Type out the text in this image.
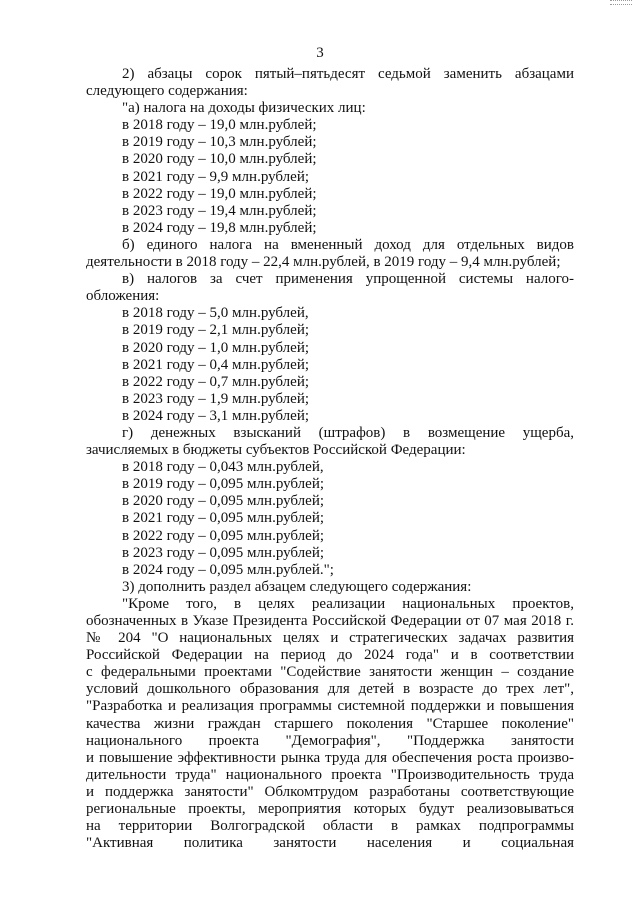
3
2) абзацы сорок пятый–пятьдесят седьмой заменить абзацами
следующего содержания:
"а) налога на доходы физических лиц:
в 2018 году – 19,0 млн.рублей;
в 2019 году – 10,3 млн.рублей;
в 2020 году – 10,0 млн.рублей;
в 2021 году – 9,9 млн.рублей;
в 2022 году – 19,0 млн.рублей;
в 2023 году – 19,4 млн.рублей;
в 2024 году – 19,8 млн.рублей;
б) единого налога на вмененный доход для отдельных видов
деятельности в 2018 году – 22,4 млн.рублей, в 2019 году – 9,4 млн.рублей;
в) налогов за счет применения упрощенной системы налого-
обложения:
в 2018 году – 5,0 млн.рублей,
в 2019 году – 2,1 млн.рублей;
в 2020 году – 1,0 млн.рублей;
в 2021 году – 0,4 млн.рублей;
в 2022 году – 0,7 млн.рублей;
в 2023 году – 1,9 млн.рублей;
в 2024 году – 3,1 млн.рублей;
г) денежных взысканий (штрафов) в возмещение ущерба,
зачисляемых в бюджеты субъектов Российской Федерации:
в 2018 году – 0,043 млн.рублей,
в 2019 году – 0,095 млн.рублей;
в 2020 году – 0,095 млн.рублей;
в 2021 году – 0,095 млн.рублей;
в 2022 году – 0,095 млн.рублей;
в 2023 году – 0,095 млн.рублей;
в 2024 году – 0,095 млн.рублей.";
3) дополнить раздел абзацем следующего содержания:
"Кроме того, в целях реализации национальных проектов,
обозначенных в Указе Президента Российской Федерации от 07 мая 2018 г.
№ 204 "О национальных целях и стратегических задачах развития
Российской Федерации на период до 2024 года" и в соответствии
с федеральными проектами "Содействие занятости женщин – создание
условий дошкольного образования для детей в возрасте до трех лет",
"Разработка и реализация программы системной поддержки и повышения
качества жизни граждан старшего поколения "Старшее поколение"
национального проекта "Демография", "Поддержка занятости
и повышение эффективности рынка труда для обеспечения роста произво-
дительности труда" национального проекта "Производительность труда
и поддержка занятости" Облкомтрудом разработаны соответствующие
региональные проекты, мероприятия которых будут реализовываться
на территории Волгоградской области в рамках подпрограммы
"Активная политика занятости населения и социальная
